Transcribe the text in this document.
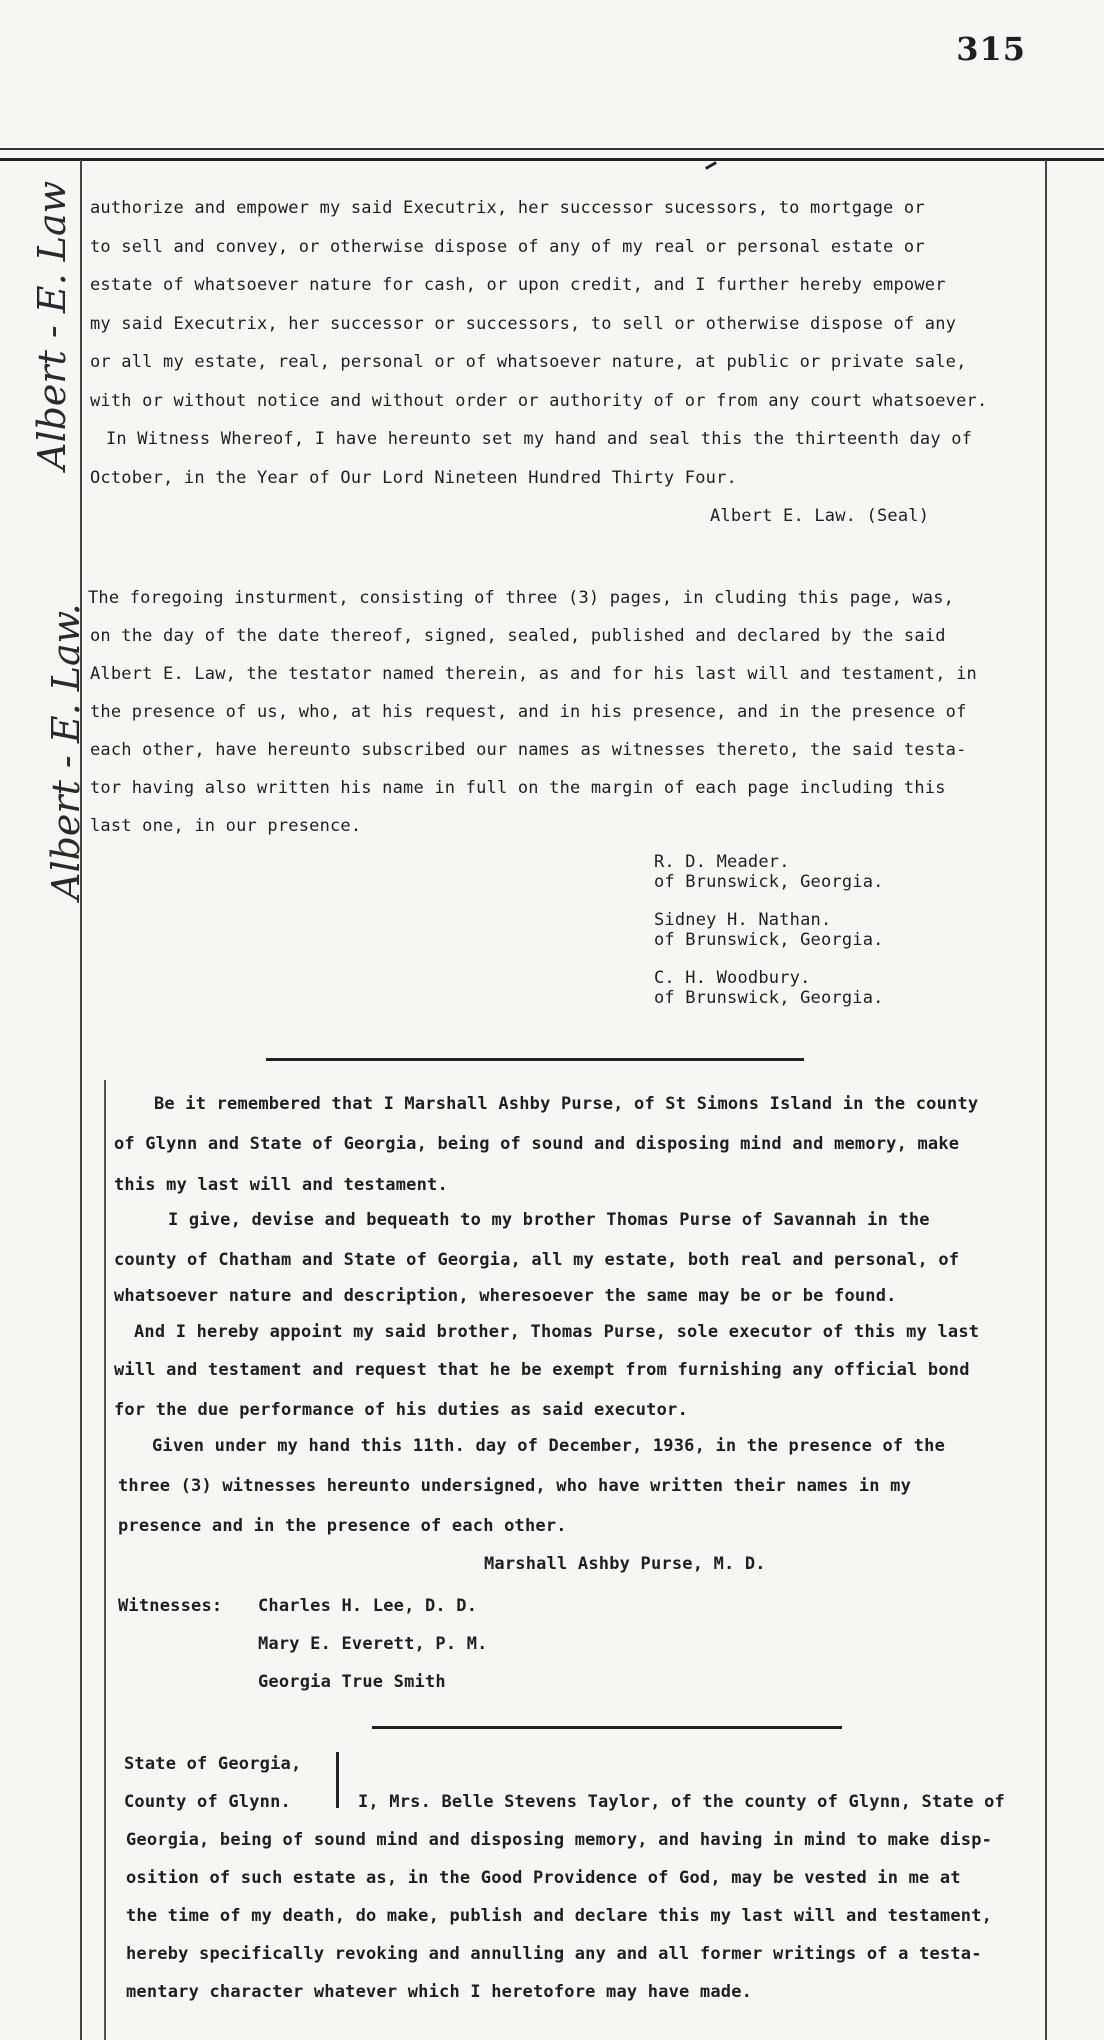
315
Albert - E. Law
Albert - E. Law.
authorize and empower my said Executrix, her successor sucessors, to mortgage or
to sell and convey, or otherwise dispose of any of my real or personal estate or
estate of whatsoever nature for cash, or upon credit, and I further hereby empower
my said Executrix, her successor or successors, to sell or otherwise dispose of any
or all my estate, real, personal or of whatsoever nature, at public or private sale,
with or without notice and without order or authority of or from any court whatsoever.
In Witness Whereof, I have hereunto set my hand and seal this the thirteenth day of
October, in the Year of Our Lord Nineteen Hundred Thirty Four.
Albert E. Law. (Seal)
The foregoing insturment, consisting of three (3) pages, in cluding this page, was,
on the day of the date thereof, signed, sealed, published and declared by the said
Albert E. Law, the testator named therein, as and for his last will and testament, in
the presence of us, who, at his request, and in his presence, and in the presence of
each other, have hereunto subscribed our names as witnesses thereto, the said testa-
tor having also written his name in full on the margin of each page including this
last one, in our presence.
R. D. Meader.
of Brunswick, Georgia.
Sidney H. Nathan.
of Brunswick, Georgia.
C. H. Woodbury.
of Brunswick, Georgia.
Be it remembered that I Marshall Ashby Purse, of St Simons Island in the county
of Glynn and State of Georgia, being of sound and disposing mind and memory, make
this my last will and testament.
I give, devise and bequeath to my brother Thomas Purse of Savannah in the
county of Chatham and State of Georgia, all my estate, both real and personal, of
whatsoever nature and description, wheresoever the same may be or be found.
And I hereby appoint my said brother, Thomas Purse, sole executor of this my last
will and testament and request that he be exempt from furnishing any official bond
for the due performance of his duties as said executor.
Given under my hand this 11th. day of December, 1936, in the presence of the
three (3) witnesses hereunto undersigned, who have written their names in my
presence and in the presence of each other.
Marshall Ashby Purse, M. D.
Witnesses: Charles H. Lee, D. D.
Mary E. Everett, P. M.
Georgia True Smith
State of Georgia,
County of Glynn.	I, Mrs. Belle Stevens Taylor, of the county of Glynn, State of
Georgia, being of sound mind and disposing memory, and having in mind to make disp-
osition of such estate as, in the Good Providence of God, may be vested in me at
the time of my death, do make, publish and declare this my last will and testament,
hereby specifically revoking and annulling any and all former writings of a testa-
mentary character whatever which I heretofore may have made.
